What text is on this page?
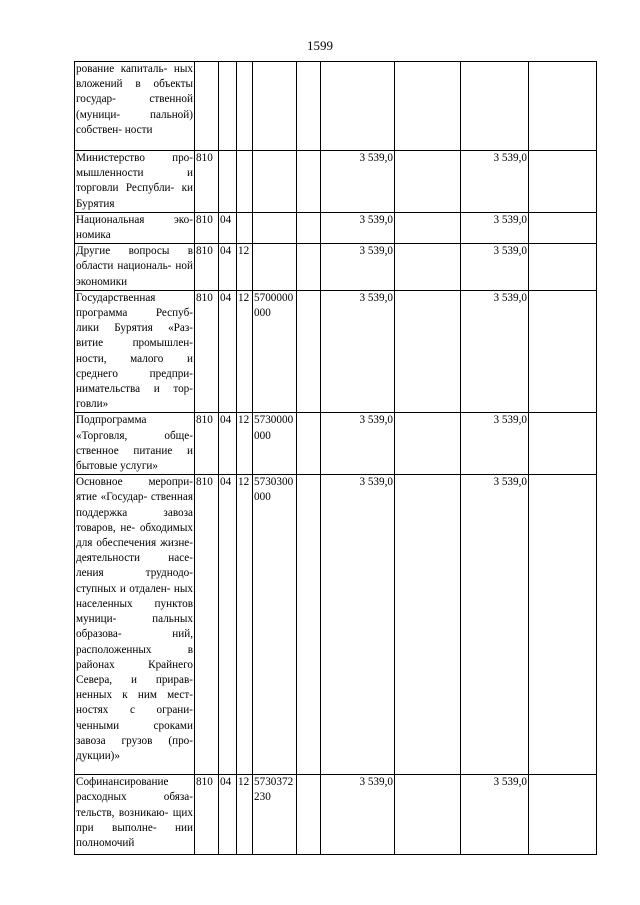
1599
рование капиталь- ных вложений в объекты государ- ственной (муници- пальной) собствен- ности									
Министерство про- мышленности и торговли Республи- ки Бурятия	810					3 539,0		3 539,0	
Национальная эко- номика	810	04				3 539,0		3 539,0	
Другие вопросы в области националь- ной экономики	810	04	12			3 539,0		3 539,0	
Государственная программа Респуб- лики Бурятия «Раз- витие промышлен- ности, малого и среднего предпри- нимательства и тор- говли»	810	04	12	5700000000		3 539,0		3 539,0	
Подпрограмма «Торговля, обще- ственное питание и бытовые услуги»	810	04	12	5730000000		3 539,0		3 539,0	
Основное меропри- ятие «Государ- ственная поддержка завоза товаров, не- обходимых для обеспечения жизне- деятельности насе- ления труднодо- ступных и отдален- ных населенных пунктов муници- пальных образова- ний, расположенных в районах Крайнего Севера, и прирав- ненных к ним мест- ностях с ограни- ченными сроками завоза грузов (про- дукции)»	810	04	12	5730300000		3 539,0		3 539,0	
Софинансирование расходных обяза- тельств, возникаю- щих при выполне- нии полномочий	810	04	12	5730372230		3 539,0		3 539,0	
